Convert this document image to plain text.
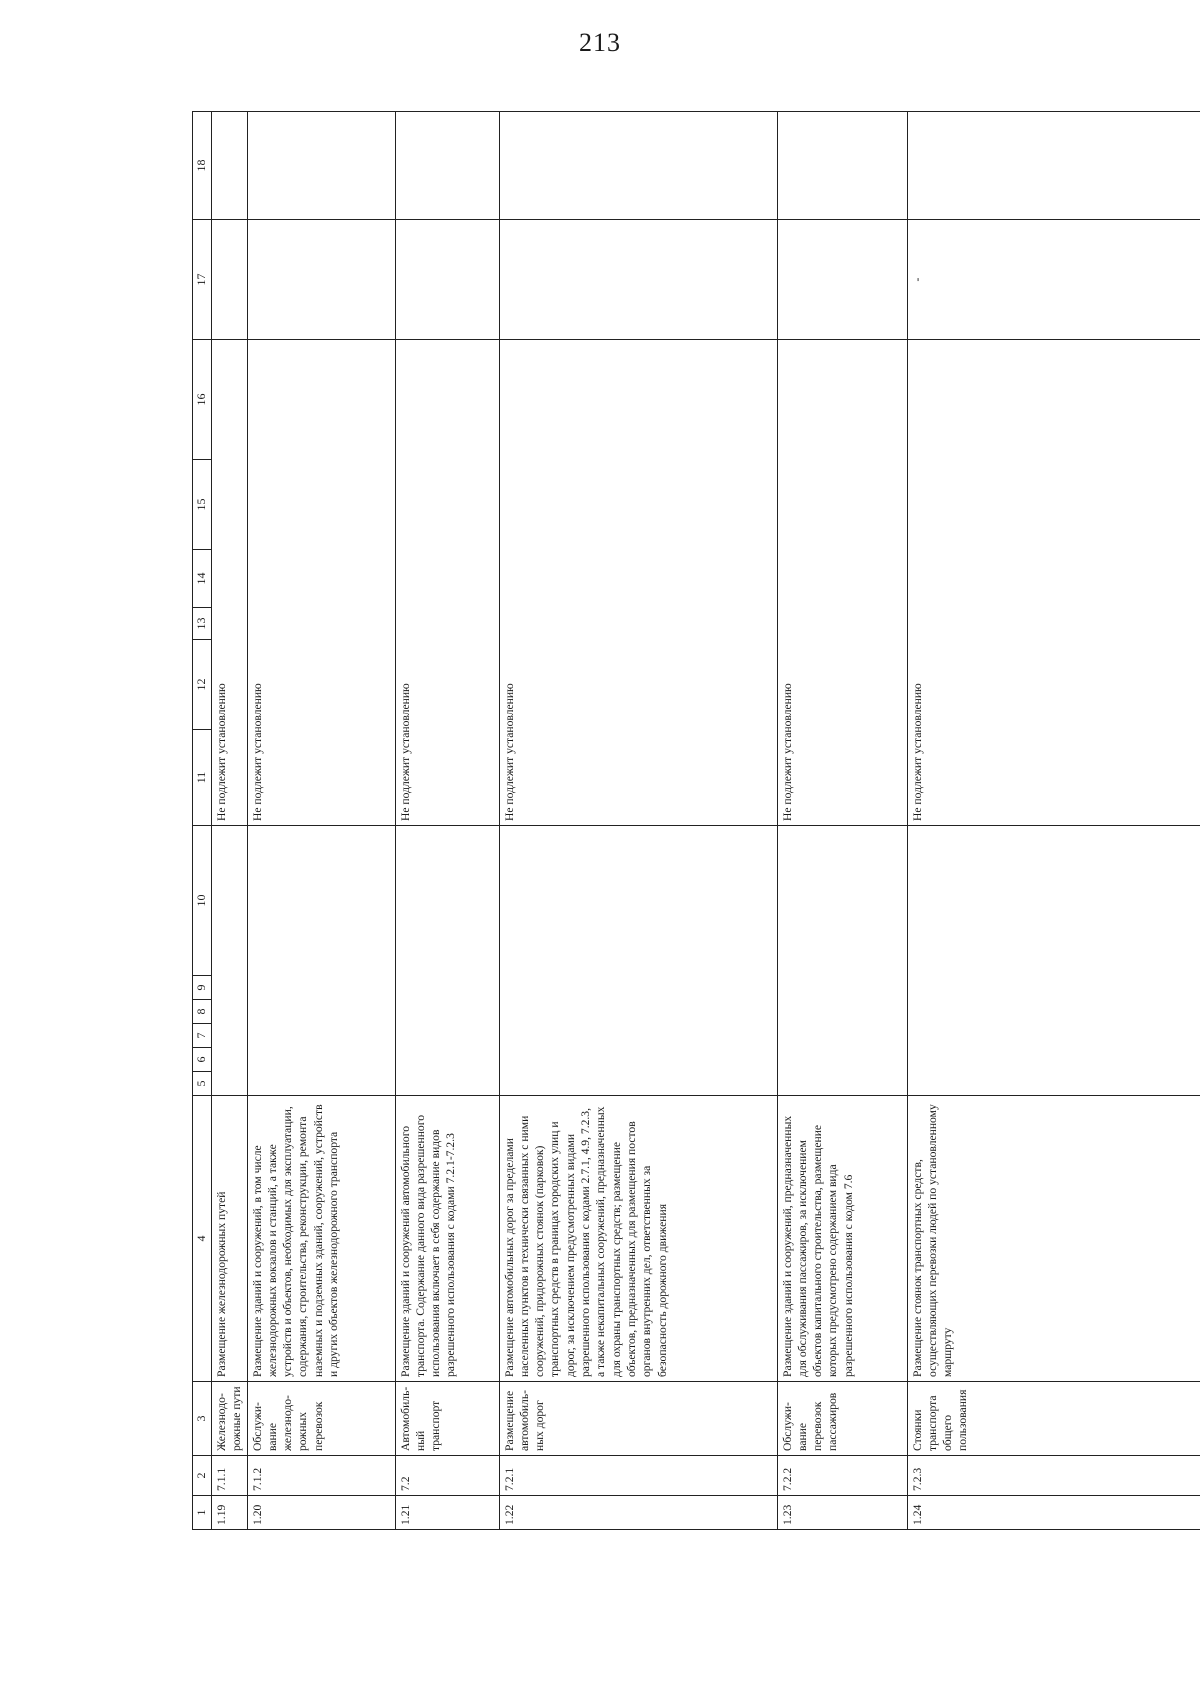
213
1	2	3	4	5	6	7	8	9	10	11	12	13	14	15	16	17	18
1.19	7.1.1	Железнодо-рожные пути	Размещение железнодорожных путей							Не подлежит установлению							
1.20	7.1.2	Обслужи-вание железнодо-рожных перевозок	Размещение зданий и сооружений, в том числе железнодорожных вокзалов и станций, а также устройств и объектов, необходимых для эксплуатации, содержания, строительства, реконструкции, ремонта наземных и подземных зданий, сооружений, устройств и других объектов железнодорожного транспорта							Не подлежит установлению							
1.21	7.2	Автомобиль-ный транспорт	Размещение зданий и сооружений автомобильного транспорта. Содержание данного вида разрешенного использования включает в себя содержание видов разрешенного использования с кодами 7.2.1-7.2.3							Не подлежит установлению							
1.22	7.2.1	Размещение автомобиль-ных дорог	Размещение автомобильных дорог за пределами населенных пунктов и технически связанных с ними сооружений, придорожных стоянок (парковок) транспортных средств в границах городских улиц и дорог, за исключением предусмотренных видами разрешенного использования с кодами 2.7.1, 4.9, 7.2.3, а также некапитальных сооружений, предназначенных для охраны транспортных средств; размещение объектов, предназначенных для размещения постов органов внутренних дел, ответственных за безопасность дорожного движения							Не подлежит установлению							
1.23	7.2.2	Обслужи-вание перевозок пассажиров	Размещение зданий и сооружений, предназначенных для обслуживания пассажиров, за исключением объектов капитального строительства, размещение которых предусмотрено содержанием вида разрешенного использования с кодом 7.6							Не подлежит установлению							
1.24	7.2.3	Стоянки транспорта общего пользования	Размещение стоянок транспортных средств, осуществляющих перевозки людей по установленному маршруту							Не подлежит установлению						-	
